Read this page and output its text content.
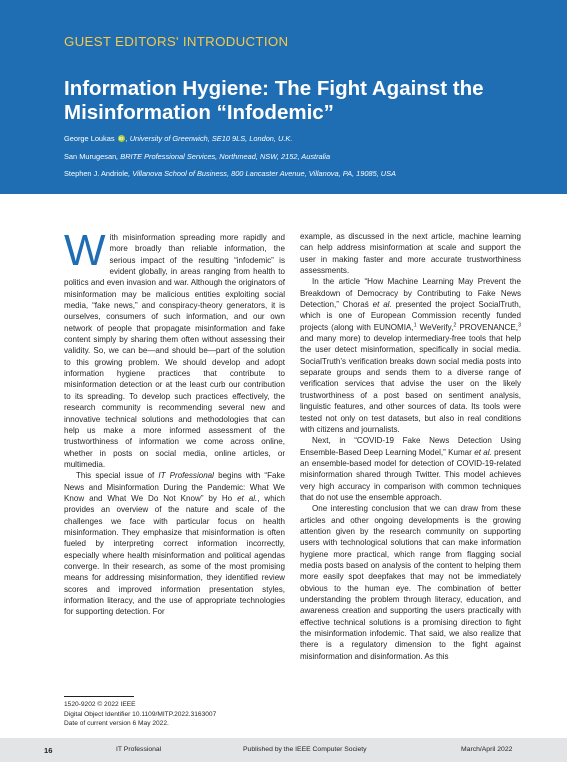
GUEST EDITORS' INTRODUCTION
Information Hygiene: The Fight Against the Misinformation “Infodemic”
George Loukas iD , University of Greenwich, SE10 9LS, London, U.K.
San Murugesan, BRITE Professional Services, Northmead, NSW, 2152, Australia
Stephen J. Andriole, Villanova School of Business, 800 Lancaster Avenue, Villanova, PA, 19085, USA

With misinformation spreading more rapidly and more broadly than reliable information, the serious impact of the resulting “infodemic” is evident globally, in areas ranging from health to politics and even invasion and war. Although the originators of misinformation may be malicious entities exploiting social media, “fake news,” and conspiracy-theory generators, it is ourselves, consumers of such information, and our own network of people that propagate misinformation and fake content simply by sharing them often without assessing their validity. So, we can be—and should be—part of the solution to this growing problem. We should develop and adopt information hygiene practices that contribute to misinformation detection or at the least curb our contribution to its spreading. To develop such practices effectively, the research community is recommending several new and innovative technical solutions and methodologies that can help us make a more informed assessment of the trustworthiness of information we come across online, whether in posts on social media, online articles, or multimedia.

This special issue of IT Professional begins with “Fake News and Misinformation During the Pandemic: What We Know and What We Do Not Know” by Ho et al., which provides an overview of the nature and scale of the challenges we face with particular focus on health misinformation. They emphasize that misinformation is often fueled by interpreting correct information incorrectly, especially where health misinformation and political agendas converge. In their research, as some of the most promising means for addressing misinformation, they identified review scores and improved information presentation styles, information literacy, and the use of appropriate technologies for supporting detection. For

example, as discussed in the next article, machine learning can help address misinformation at scale and support the user in making faster and more accurate trustworthiness assessments.

In the article “How Machine Learning May Prevent the Breakdown of Democracy by Contributing to Fake News Detection,” Choraś et al. presented the project SocialTruth, which is one of European Commission recently funded projects (along with EUNOMIA,$^1$ WeVerify,$^2$ PROVENANCE,$^3$ and many more) to develop intermediary-free tools that help the user detect misinformation, specifically in social media. SocialTruth’s verification breaks down social media posts into separate groups and sends them to a diverse range of verification services that advise the user on the likely trustworthiness of a post based on sentiment analysis, linguistic features, and other sources of data. Its tools were tested not only on test datasets, but also in real conditions with citizens and journalists.

Next, in “COVID-19 Fake News Detection Using Ensemble-Based Deep Learning Model,” Kumar et al. present an ensemble-based model for detection of COVID-19-related misinformation shared through Twitter. This model achieves very high accuracy in comparison with common techniques that do not use the ensemble approach.

One interesting conclusion that we can draw from these articles and other ongoing developments is the growing attention given by the research community on supporting users with technological solutions that can make information hygiene more practical, which range from flagging social media posts based on analysis of the content to helping them more easily spot deepfakes that may not be immediately obvious to the human eye. The combination of better understanding the problem through literacy, education, and awareness creation and supporting the users practically with effective technical solutions is a promising direction to fight the misinformation infodemic. That said, we also realize that there is a regulatory dimension to the fight against misinformation and disinformation. As this

1520-9202 © 2022 IEEE
Digital Object Identifier 10.1109/MITP.2022.3163007
Date of current version 6 May 2022.
16	IT Professional	Published by the IEEE Computer Society	March/April 2022
